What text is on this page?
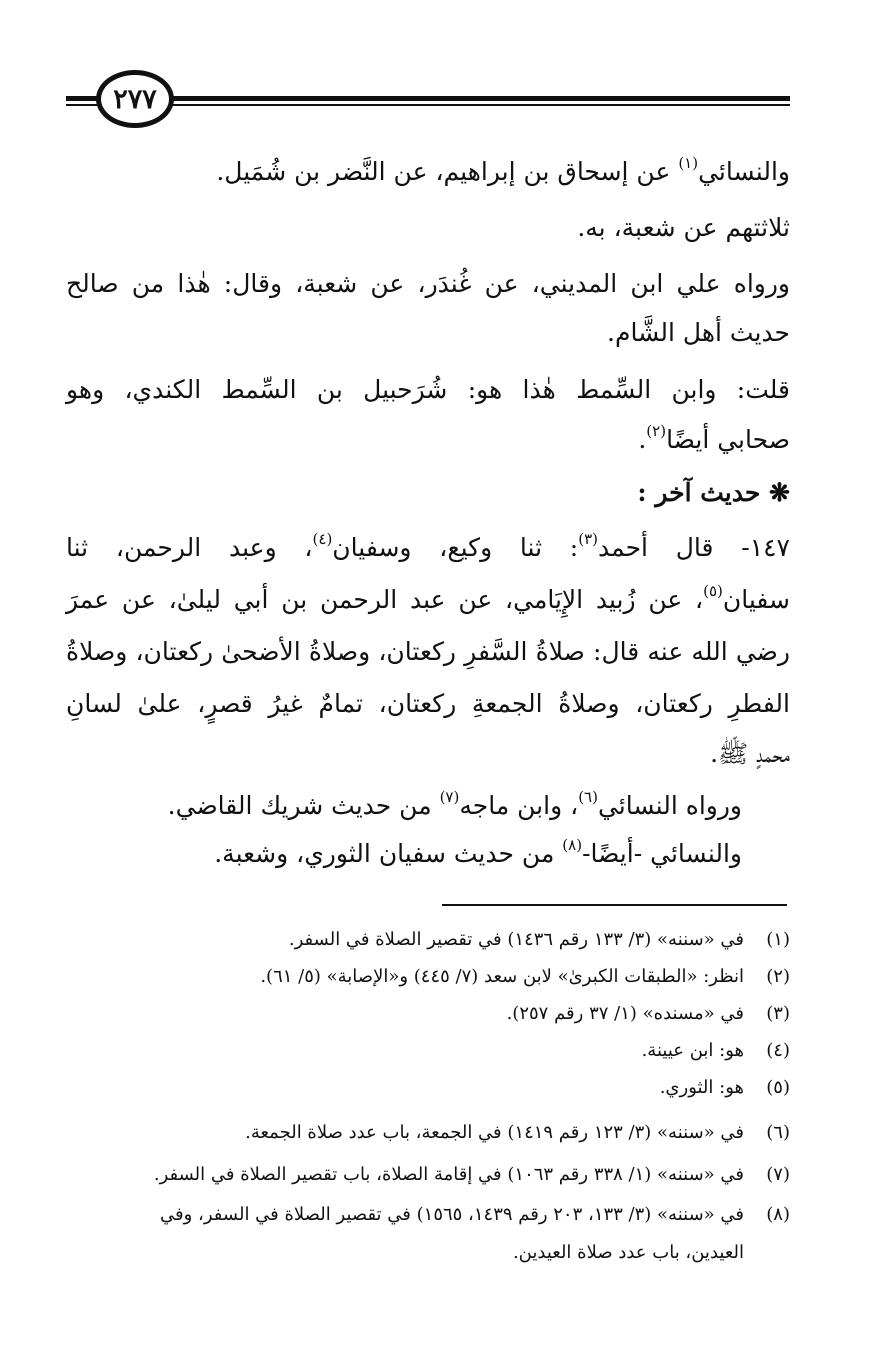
٢٧٧
والنسائي$^{(١)}$ عن إسحاق بن إبراهيم، عن النَّضر بن شُمَيل.
ثلاثتهم عن شعبة، به.
ورواه علي ابن المديني، عن غُندَر، عن شعبة، وقال: هٰذا من صالح
حديث أهل الشَّام.
قلت: وابن السِّمط هٰذا هو: شُرَحبيل بن السِّمط الكندي، وهو
صحابي أيضًا$^{(٢)}$.
❋ حديث آخر :
١٤٧- قال أحمد$^{(٣)}$: ثنا وكيع، وسفيان$^{(٤)}$، وعبد الرحمن، ثنا
سفيان$^{(٥)}$، عن زُبيد الإِيَامي، عن عبد الرحمن بن أبي ليلىٰ، عن عمرَ
رضي الله عنه قال: صلاةُ السَّفرِ ركعتان، وصلاةُ الأضحىٰ ركعتان، وصلاةُ
الفطرِ ركعتان، وصلاةُ الجمعةِ ركعتان، تمامٌ غيرُ قصرٍ، علىٰ لسانِ
محمدٍ ﷺ.
ورواه النسائي$^{(٦)}$، وابن ماجه$^{(٧)}$ من حديث شريك القاضي.
والنسائي -أيضًا-$^{(٨)}$ من حديث سفيان الثوري، وشعبة.
(١)في «سننه» (٣/ ١٣٣ رقم ١٤٣٦) في تقصير الصلاة في السفر.
(٢)انظر: «الطبقات الكبرىٰ» لابن سعد (٧/ ٤٤٥) و«الإصابة» (٥/ ٦١).
(٣)في «مسنده» (١/ ٣٧ رقم ٢٥٧).
(٤)هو: ابن عيينة.
(٥)هو: الثوري.
(٦)في «سننه» (٣/ ١٢٣ رقم ١٤١٩) في الجمعة، باب عدد صلاة الجمعة.
(٧)في «سننه» (١/ ٣٣٨ رقم ١٠٦٣) في إقامة الصلاة، باب تقصير الصلاة في السفر.
(٨)في «سننه» (٣/ ١٣٣، ٢٠٣ رقم ١٤٣٩، ١٥٦٥) في تقصير الصلاة في السفر، وفي
العيدين، باب عدد صلاة العيدين.
